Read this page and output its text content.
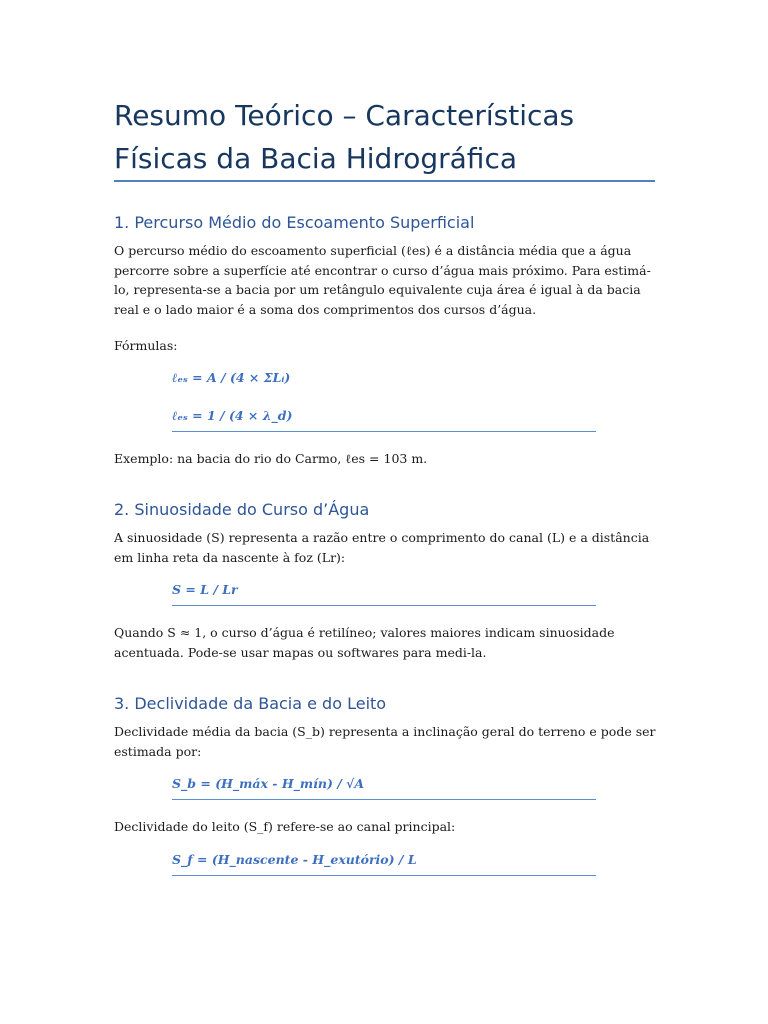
Resumo Teórico – Características Físicas da Bacia Hidrográfica
1. Percurso Médio do Escoamento Superficial

O percurso médio do escoamento superficial (ℓes) é a distância média que a água percorre sobre a superfície até encontrar o curso d’água mais próximo. Para estimá-lo, representa-se a bacia por um retângulo equivalente cuja área é igual à da bacia real e o lado maior é a soma dos comprimentos dos cursos d’água.

Fórmulas:

ℓₑₛ = A / (4 × ΣLᵢ)
ℓₑₛ = 1 / (4 × λ_d)

Exemplo: na bacia do rio do Carmo, ℓes = 103 m.

2. Sinuosidade do Curso d’Água

A sinuosidade (S) representa a razão entre o comprimento do canal (L) e a distância em linha reta da nascente à foz (Lr):

S = L / Lr

Quando S ≈ 1, o curso d’água é retilíneo; valores maiores indicam sinuosidade acentuada. Pode-se usar mapas ou softwares para medi-la.

3. Declividade da Bacia e do Leito

Declividade média da bacia (S_b) representa a inclinação geral do terreno e pode ser estimada por:

S_b = (H_máx - H_mín) / √A

Declividade do leito (S_f) refere-se ao canal principal:

S_f = (H_nascente - H_exutório) / L
